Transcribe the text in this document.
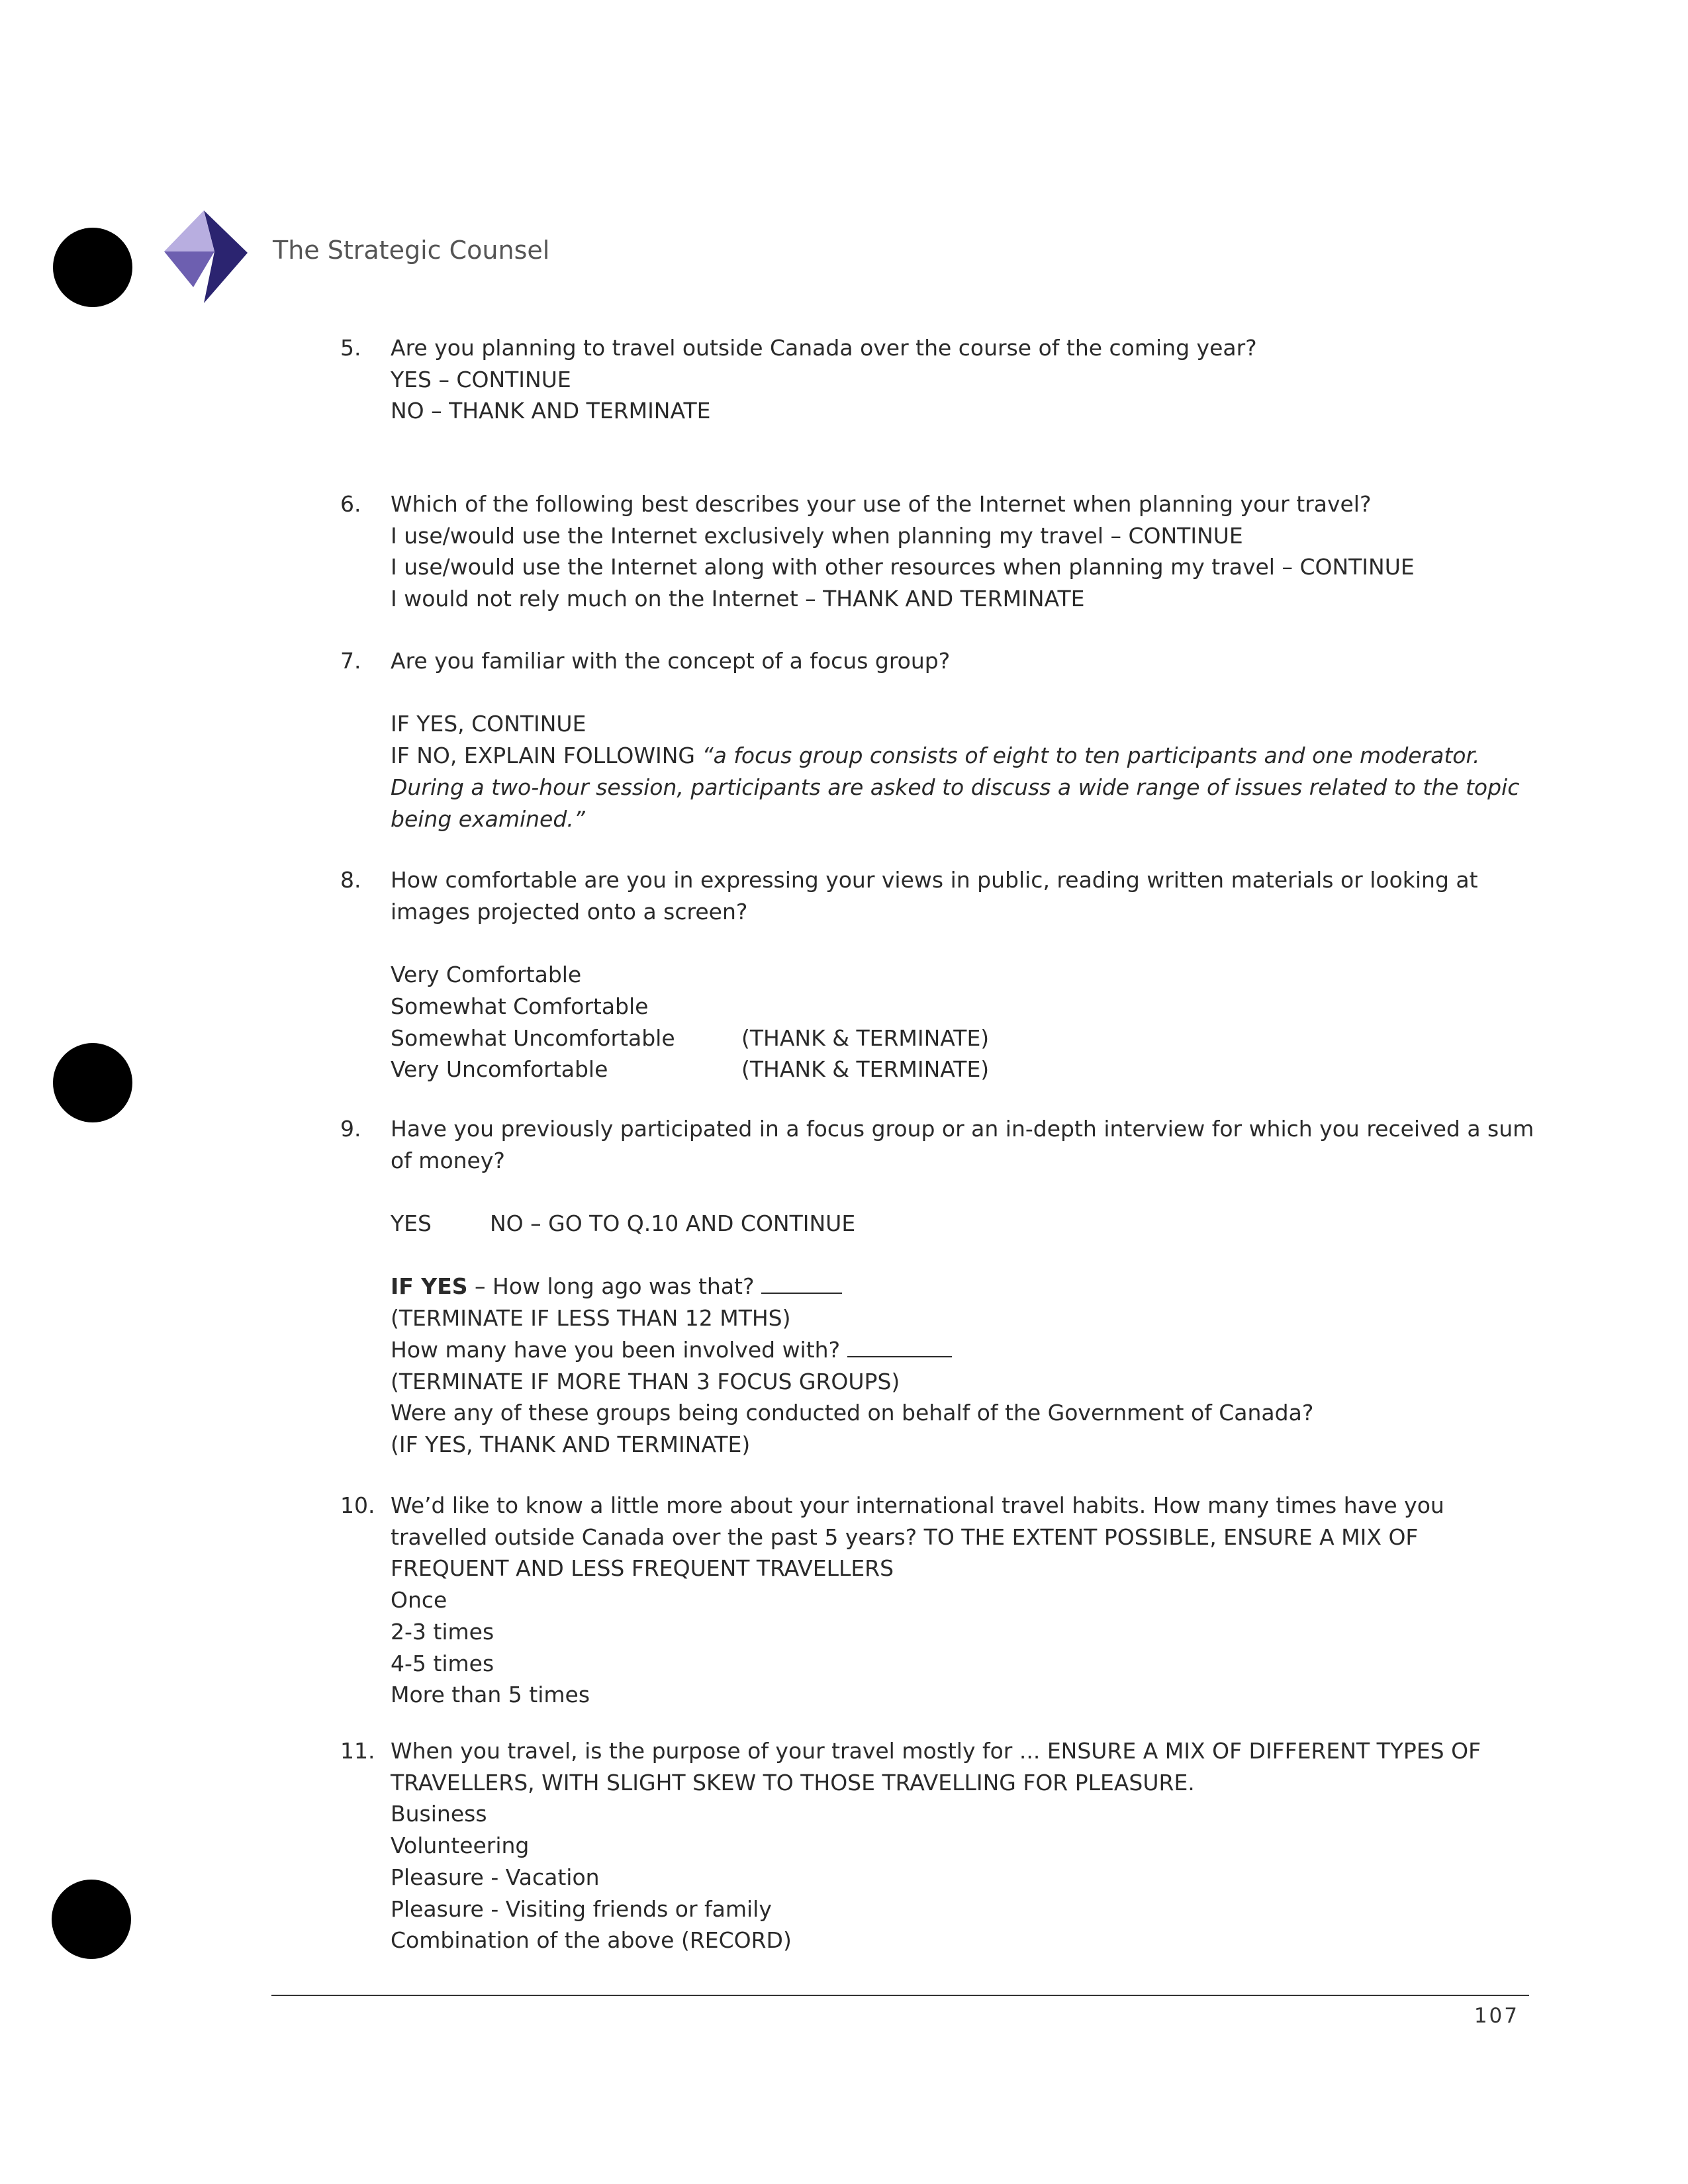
The Strategic Counsel
5.	Are you planning to travel outside Canada over the course of the coming year?
YES – CONTINUE
NO – THANK AND TERMINATE
6.	Which of the following best describes your use of the Internet when planning your travel?
I use/would use the Internet exclusively when planning my travel – CONTINUE
I use/would use the Internet along with other resources when planning my travel – CONTINUE
I would not rely much on the Internet – THANK AND TERMINATE
7.	Are you familiar with the concept of a focus group?
IF YES, CONTINUE
IF NO, EXPLAIN FOLLOWING “a focus group consists of eight to ten participants and one moderator. During a two-hour session, participants are asked to discuss a wide range of issues related to the topic being examined.”
8.	How comfortable are you in expressing your views in public, reading written materials or looking at images projected onto a screen?
Very Comfortable
Somewhat Comfortable
Somewhat Uncomfortable	(THANK & TERMINATE)
Very Uncomfortable	(THANK & TERMINATE)
9.	Have you previously participated in a focus group or an in-depth interview for which you received a sum of money?
YES	NO – GO TO Q.10 AND CONTINUE
IF YES – How long ago was that?
(TERMINATE IF LESS THAN 12 MTHS)
How many have you been involved with?
(TERMINATE IF MORE THAN 3 FOCUS GROUPS)
Were any of these groups being conducted on behalf of the Government of Canada?
(IF YES, THANK AND TERMINATE)
10. We’d like to know a little more about your international travel habits. How many times have you travelled outside Canada over the past 5 years? TO THE EXTENT POSSIBLE, ENSURE A MIX OF FREQUENT AND LESS FREQUENT TRAVELLERS
Once
2-3 times
4-5 times
More than 5 times
11. When you travel, is the purpose of your travel mostly for ... ENSURE A MIX OF DIFFERENT TYPES OF TRAVELLERS, WITH SLIGHT SKEW TO THOSE TRAVELLING FOR PLEASURE.
Business
Volunteering
Pleasure - Vacation
Pleasure - Visiting friends or family
Combination of the above (RECORD)
107
